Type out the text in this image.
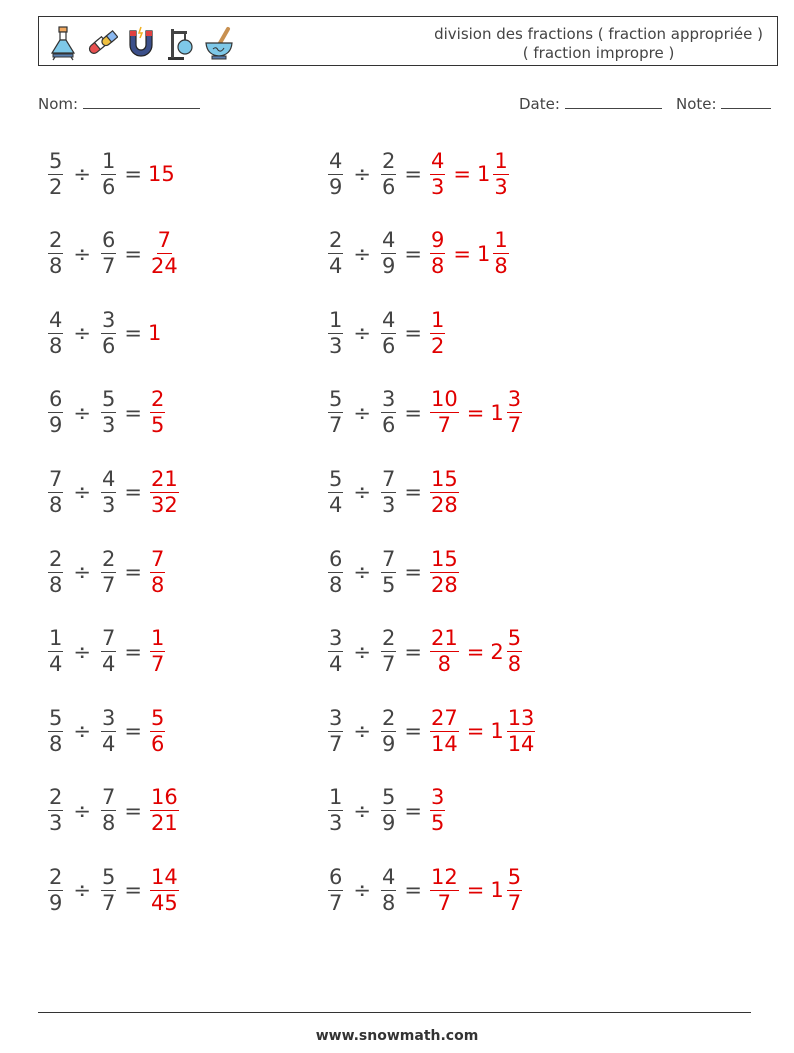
division des fractions ( fraction appropriée )
( fraction impropre )
Nom:	Date:	Note:
$\frac{5}{2} \div \frac{1}{6} = 15$	$\frac{4}{9} \div \frac{2}{6} = \frac{4}{3} = 1 \frac{1}{3}$
$\frac{2}{8} \div \frac{6}{7} = \frac{7}{24}$	$\frac{2}{4} \div \frac{4}{9} = \frac{9}{8} = 1 \frac{1}{8}$
$\frac{4}{8} \div \frac{3}{6} = 1$	$\frac{1}{3} \div \frac{4}{6} = \frac{1}{2}$
$\frac{6}{9} \div \frac{5}{3} = \frac{2}{5}$	$\frac{5}{7} \div \frac{3}{6} = \frac{10}{7} = 1 \frac{3}{7}$
$\frac{7}{8} \div \frac{4}{3} = \frac{21}{32}$	$\frac{5}{4} \div \frac{7}{3} = \frac{15}{28}$
$\frac{2}{8} \div \frac{2}{7} = \frac{7}{8}$	$\frac{6}{8} \div \frac{7}{5} = \frac{15}{28}$
$\frac{1}{4} \div \frac{7}{4} = \frac{1}{7}$	$\frac{3}{4} \div \frac{2}{7} = \frac{21}{8} = 2 \frac{5}{8}$
$\frac{5}{8} \div \frac{3}{4} = \frac{5}{6}$	$\frac{3}{7} \div \frac{2}{9} = \frac{27}{14} = 1 \frac{13}{14}$
$\frac{2}{3} \div \frac{7}{8} = \frac{16}{21}$	$\frac{1}{3} \div \frac{5}{9} = \frac{3}{5}$
$\frac{2}{9} \div \frac{5}{7} = \frac{14}{45}$	$\frac{6}{7} \div \frac{4}{8} = \frac{12}{7} = 1 \frac{5}{7}$
www.snowmath.com
